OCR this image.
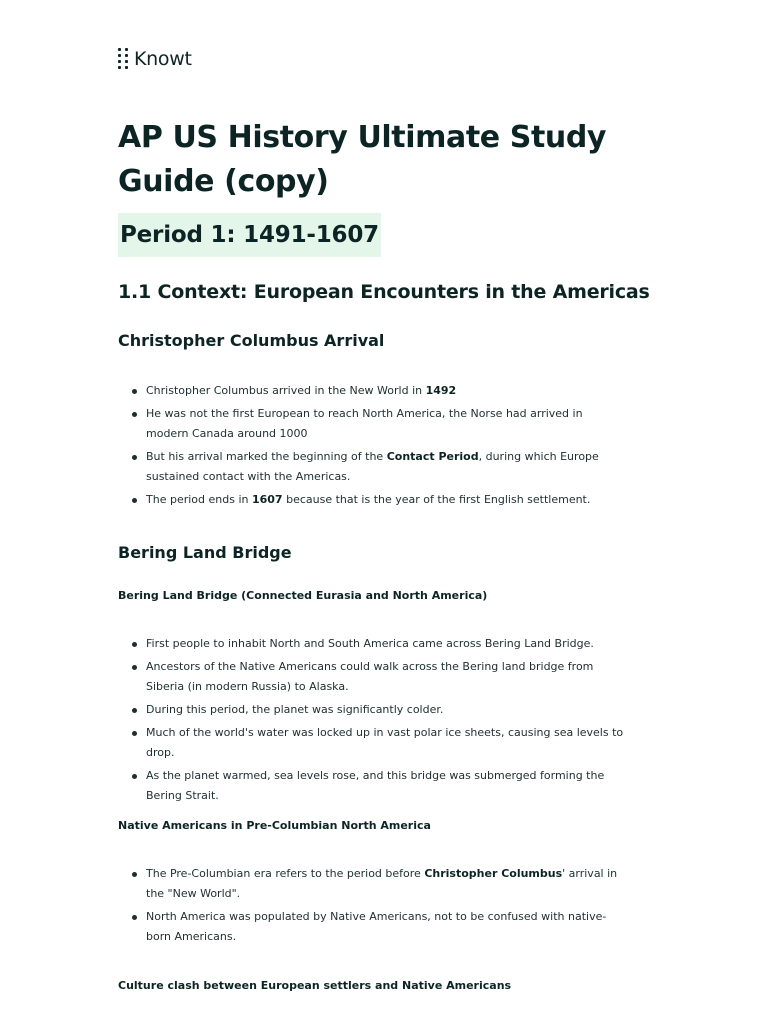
Knowt
AP US History Ultimate Study Guide (copy)
Period 1: 1491-1607
1.1 Context: European Encounters in the Americas
Christopher Columbus Arrival
Christopher Columbus arrived in the New World in 1492
He was not the first European to reach North America, the Norse had arrived in modern Canada around 1000
But his arrival marked the beginning of the Contact Period, during which Europe sustained contact with the Americas.
The period ends in 1607 because that is the year of the first English settlement.
Bering Land Bridge
Bering Land Bridge (Connected Eurasia and North America)
First people to inhabit North and South America came across Bering Land Bridge.
Ancestors of the Native Americans could walk across the Bering land bridge from Siberia (in modern Russia) to Alaska.
During this period, the planet was significantly colder.
Much of the world's water was locked up in vast polar ice sheets, causing sea levels to drop.
As the planet warmed, sea levels rose, and this bridge was submerged forming the Bering Strait.
Native Americans in Pre-Columbian North America
The Pre-Columbian era refers to the period before Christopher Columbus' arrival in the "New World".
North America was populated by Native Americans, not to be confused with native-born Americans.
Culture clash between European settlers and Native Americans
